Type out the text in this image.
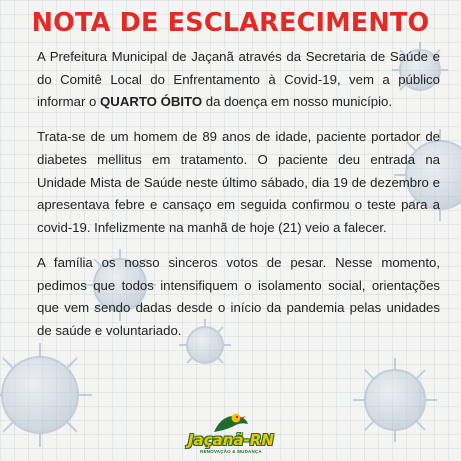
NOTA DE ESCLARECIMENTO

A Prefeitura Municipal de Jaçanã através da Secretaria de Saúde e do Comitê Local do Enfrentamento à Covid-19, vem a público informar o QUARTO ÓBITO da doença em nosso município.

Trata-se de um homem de 89 anos de idade, paciente portador de diabetes mellitus em tratamento. O paciente deu entrada na Unidade Mista de Saúde neste último sábado, dia 19 de dezembro e apresentava febre e cansaço em seguida confirmou o teste para a covid-19. Infelizmente na manhã de hoje (21) veio a falecer.

A família os nosso sinceros votos de pesar. Nesse momento, pedimos que todos intensifiquem o isolamento social, orientações que vem sendo dadas desde o início da pandemia pelas unidades de saúde e voluntariado.

Jaçanã-RN
RENOVAÇÃO & MUDANÇA
